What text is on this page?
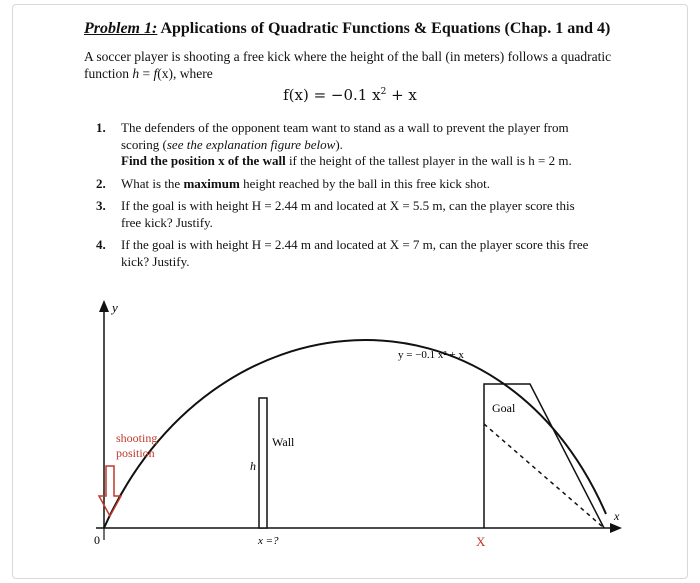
Problem 1: Applications of Quadratic Functions & Equations (Chap. 1 and 4)
A soccer player is shooting a free kick where the height of the ball (in meters) follows a quadratic
function h = f(x), where
f(x) = −0.1 $x^2 + x$
1. The defenders of the opponent team want to stand as a wall to prevent the player from

scoring (see the explanation figure below).

Find the position x of the wall if the height of the tallest player in the wall is h = 2 m.

2. What is the maximum height reached by the ball in this free kick shot.

3. If the goal is with height H = 2.44 m and located at X = 5.5 m, can the player score this

free kick? Justify.

4. If the goal is with height H = 2.44 m and located at X = 7 m, can the player score this free

kick? Justify.

y
x
0
y = −0.1 x² + x
shooting
position
Wall
h
x =?
Goal
X
